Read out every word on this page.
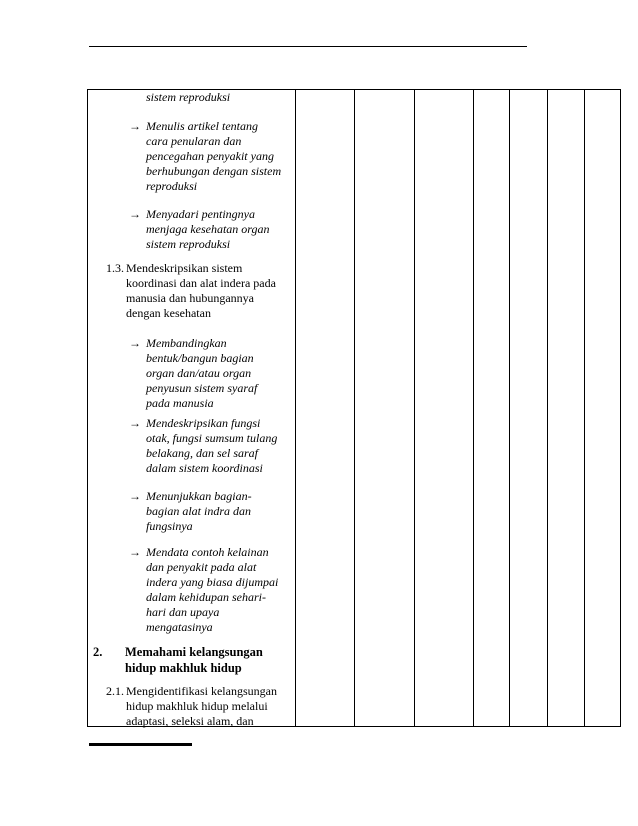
sistem reproduksi
→ Menulis artikel tentang
cara penularan dan
pencegahan penyakit yang
berhubungan dengan sistem
reproduksi
→ Menyadari pentingnya
menjaga kesehatan organ
sistem reproduksi
1.3. Mendeskripsikan sistem
koordinasi dan alat indera pada
manusia dan hubungannya
dengan kesehatan
→ Membandingkan
bentuk/bangun bagian
organ dan/atau organ
penyusun sistem syaraf
pada manusia
→ Mendeskripsikan fungsi
otak, fungsi sumsum tulang
belakang, dan sel saraf
dalam sistem koordinasi
→ Menunjukkan bagian-
bagian alat indra dan
fungsinya
→ Mendata contoh kelainan
dan penyakit pada alat
indera yang biasa dijumpai
dalam kehidupan sehari-
hari dan upaya
mengatasinya
2. Memahami kelangsungan
hidup makhluk hidup
2.1. Mengidentifikasi kelangsungan
hidup makhluk hidup melalui
adaptasi, seleksi alam, dan
